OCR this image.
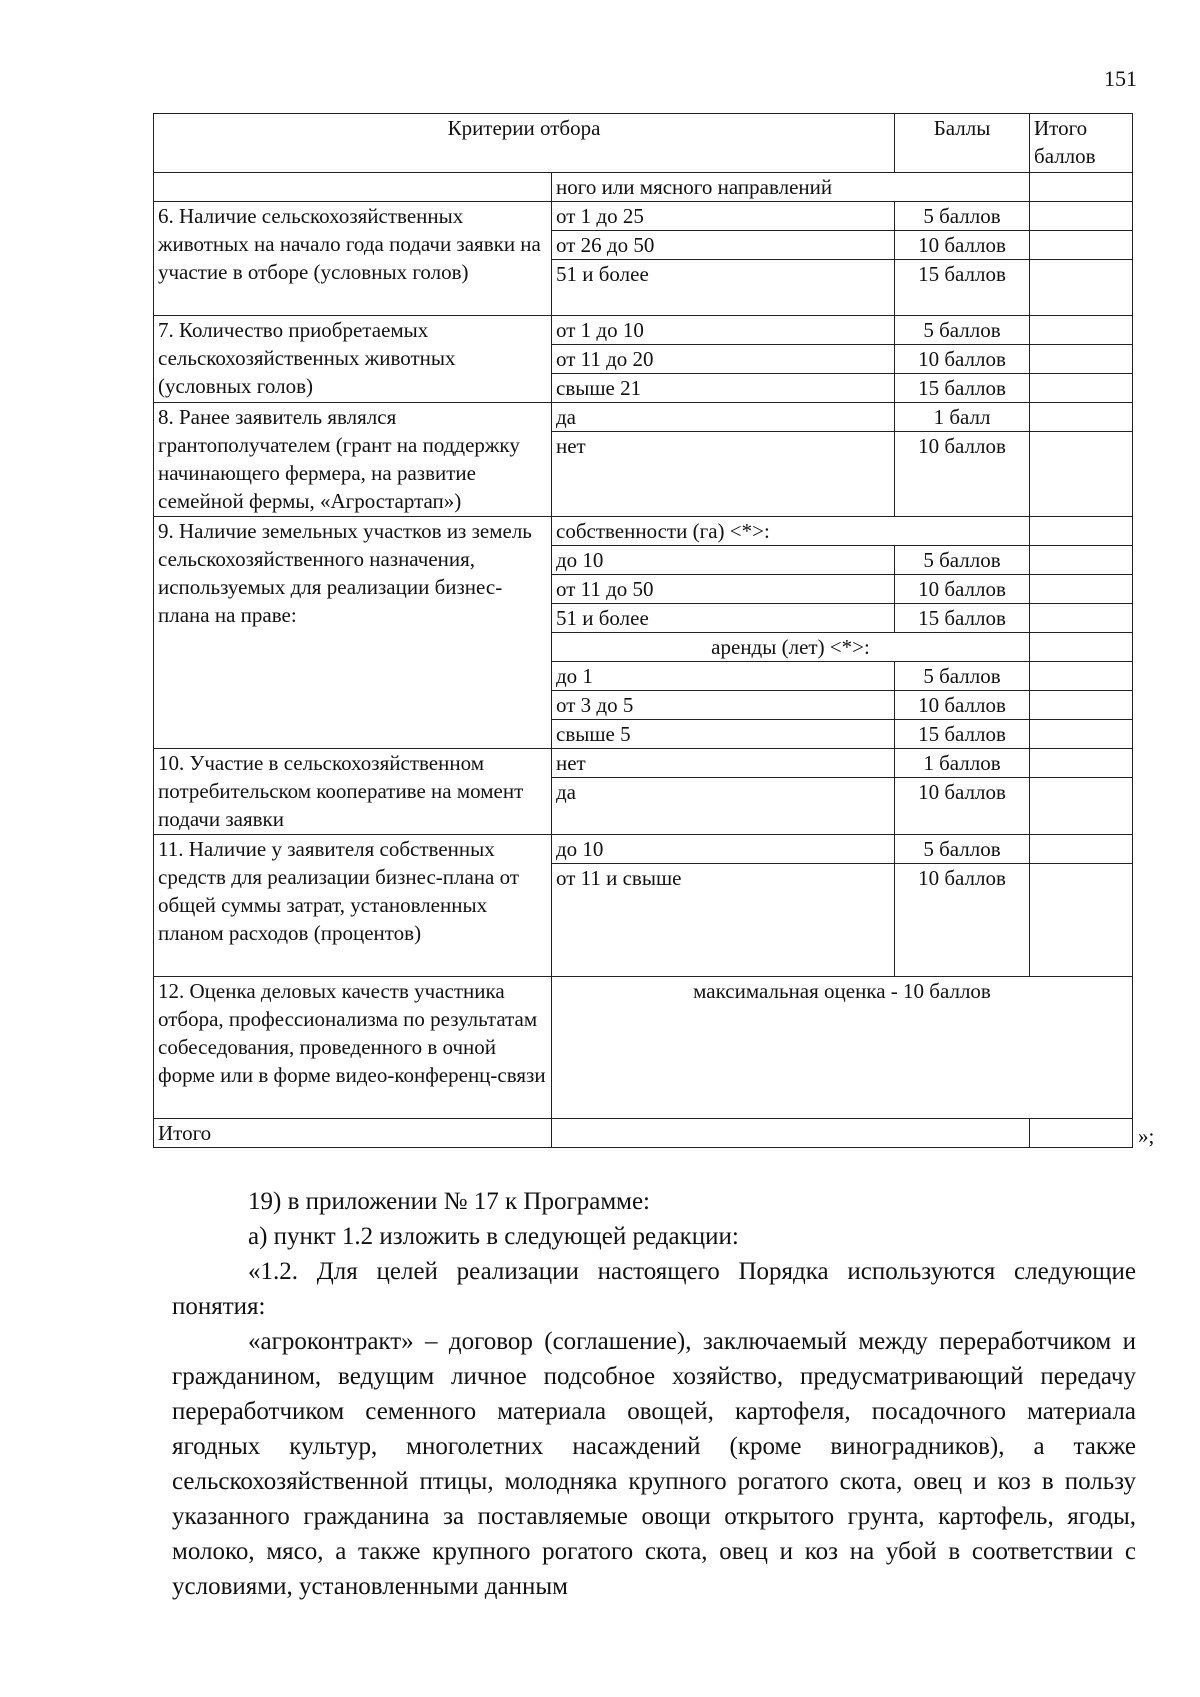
151
Критерии отбора		Баллы	Итого баллов
	ного или мясного направлений		
6. Наличие сельскохозяйственных животных на начало года подачи заявки на участие в отборе (условных голов)	от 1 до 25	5 баллов	
	от 26 до 50	10 баллов	
	51 и более	15 баллов	
7. Количество приобретаемых сельскохозяйственных животных (условных голов)	от 1 до 10	5 баллов	
	от 11 до 20	10 баллов	
	свыше 21	15 баллов	
8. Ранее заявитель являлся грантополучателем (грант на поддержку начинающего фермера, на развитие семейной фермы, «Агростартап»)	да	1 балл	
	нет	10 баллов	
9. Наличие земельных участков из земель сельскохозяйственного назначения, используемых для реализации бизнес-плана на праве:	собственности (га) <*>:		
	до 10	5 баллов	
	от 11 до 50	10 баллов	
	51 и более	15 баллов	
	аренды (лет) <*>:		
	до 1	5 баллов	
	от 3 до 5	10 баллов	
	свыше 5	15 баллов	
10. Участие в сельскохозяйственном потребительском кооперативе на момент подачи заявки	нет	1 баллов	
	да	10 баллов	
11. Наличие у заявителя собственных средств для реализации бизнес-плана от общей суммы затрат, установленных планом расходов (процентов)	до 10	5 баллов	
	от 11 и свыше	10 баллов	
12. Оценка деловых качеств участника отбора, профессионализма по результатам собеседования, проведенного в очной форме или в форме видео-конференц-связи	максимальная оценка - 10 баллов		
Итого				»;

19) в приложении № 17 к Программе:

а) пункт 1.2 изложить в следующей редакции:

«1.2. Для целей реализации настоящего Порядка используются следующие понятия:

«агроконтракт» – договор (соглашение), заключаемый между переработчиком и гражданином, ведущим личное подсобное хозяйство, предусматривающий передачу переработчиком семенного материала овощей, картофеля, посадочного материала ягодных культур, многолетних насаждений (кроме виноградников), а также сельскохозяйственной птицы, молодняка крупного рогатого скота, овец и коз в пользу указанного гражданина за поставляемые овощи открытого грунта, картофель, ягоды, молоко, мясо, а также крупного рогатого скота, овец и коз на убой в соответствии с условиями, установленными данным
